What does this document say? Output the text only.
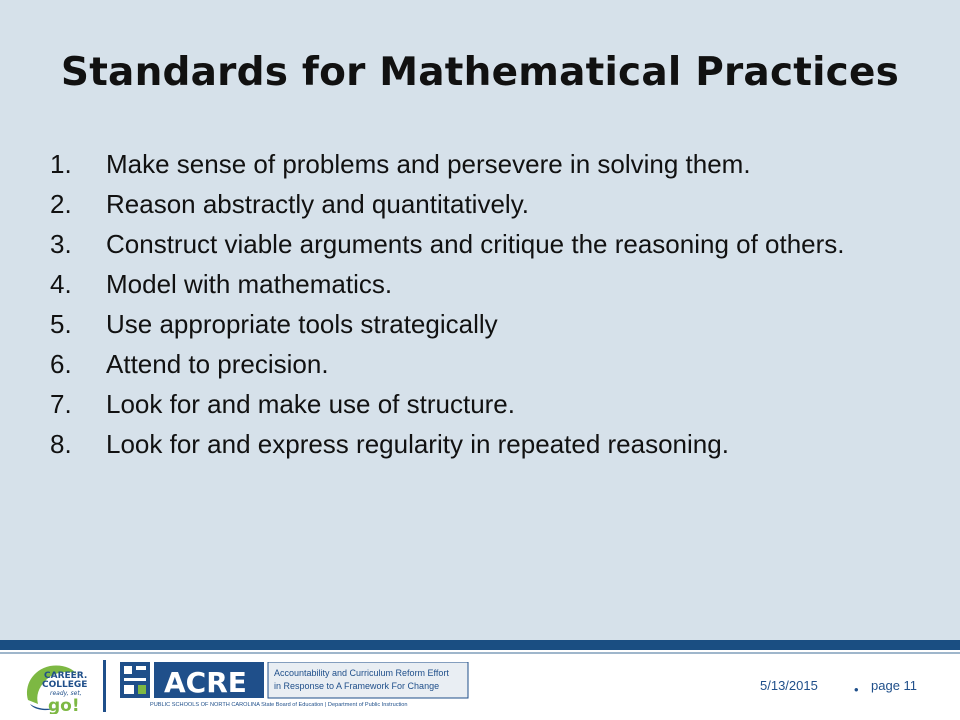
Standards for Mathematical Practices
1.	Make sense of problems and persevere in solving them.
2.	Reason abstractly and quantitatively.
3.	Construct viable arguments and critique the reasoning of others.
4.	Model with mathematics.
5.	Use appropriate tools strategically
6.	Attend to precision.
7.	Look for and make use of structure.
8.	Look for and express regularity in repeated reasoning.
CAREER.
COLLEGE
ready, set,
go!
ACRE	Accountability and Curriculum Reform Effort
in Response to A Framework For Change
PUBLIC SCHOOLS OF NORTH CAROLINA State Board of Education | Department of Public Instruction
5/13/2015	• page 11
